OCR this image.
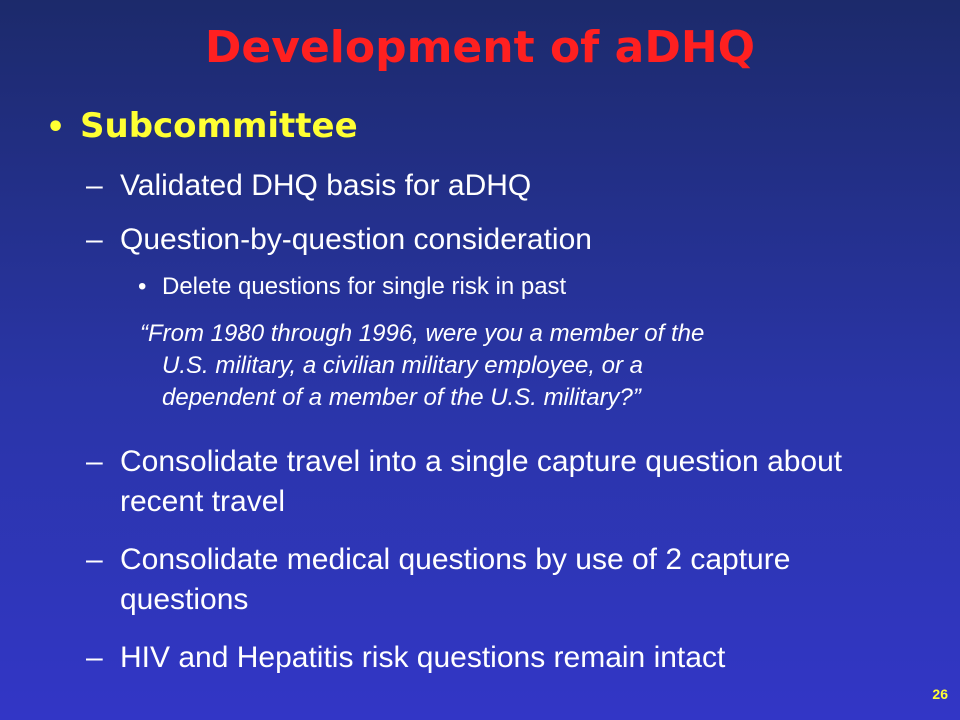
Development of aDHQ
• Subcommittee
– Validated DHQ basis for aDHQ
– Question-by-question consideration
• Delete questions for single risk in past
“From 1980 through 1996, were you a member of the
U.S. military, a civilian military employee, or a
dependent of a member of the U.S. military?”
– Consolidate travel into a single capture question about recent travel
– Consolidate medical questions by use of 2 capture questions
– HIV and Hepatitis risk questions remain intact
26
